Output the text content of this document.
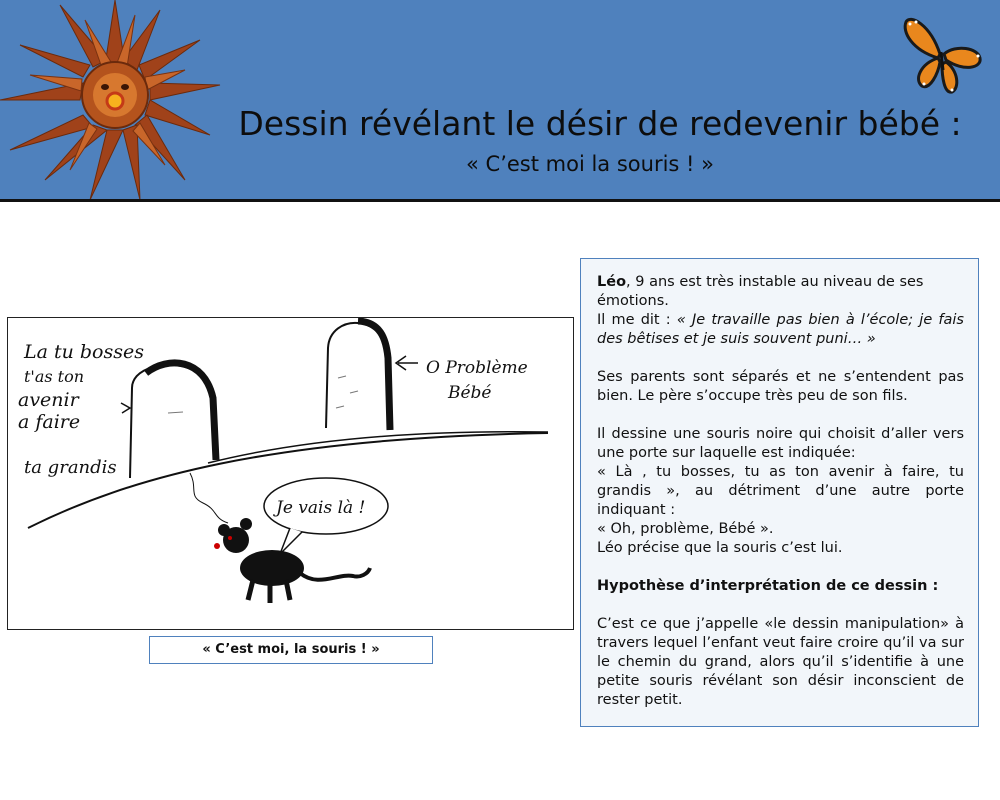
Dessin révélant le désir de redevenir bébé :
« C’est moi la souris ! »
La tu bosses
t'as ton
avenir
a faire
ta grandis
O Problème
Bébé
Je vais là !
« C’est moi, la souris ! »

Léo, 9 ans est très instable au niveau de ses émotions.

Il me dit : « Je travaille pas bien à l’école; je fais des bêtises et je suis souvent puni… »

Ses parents sont séparés et ne s’entendent pas bien. Le père s’occupe très peu de son fils.

Il dessine une souris noire qui choisit d’aller vers une porte sur laquelle est indiquée:

« Là , tu bosses, tu as ton avenir à faire, tu grandis », au détriment d’une autre porte indiquant :

« Oh, problème, Bébé ».

Léo précise que la souris c’est lui.

Hypothèse d’interprétation de ce dessin :

C’est ce que j’appelle «le dessin manipulation» à travers lequel l’enfant veut faire croire qu’il va sur le chemin du grand, alors qu’il s’identifie à une petite souris révélant son désir inconscient de rester petit.
